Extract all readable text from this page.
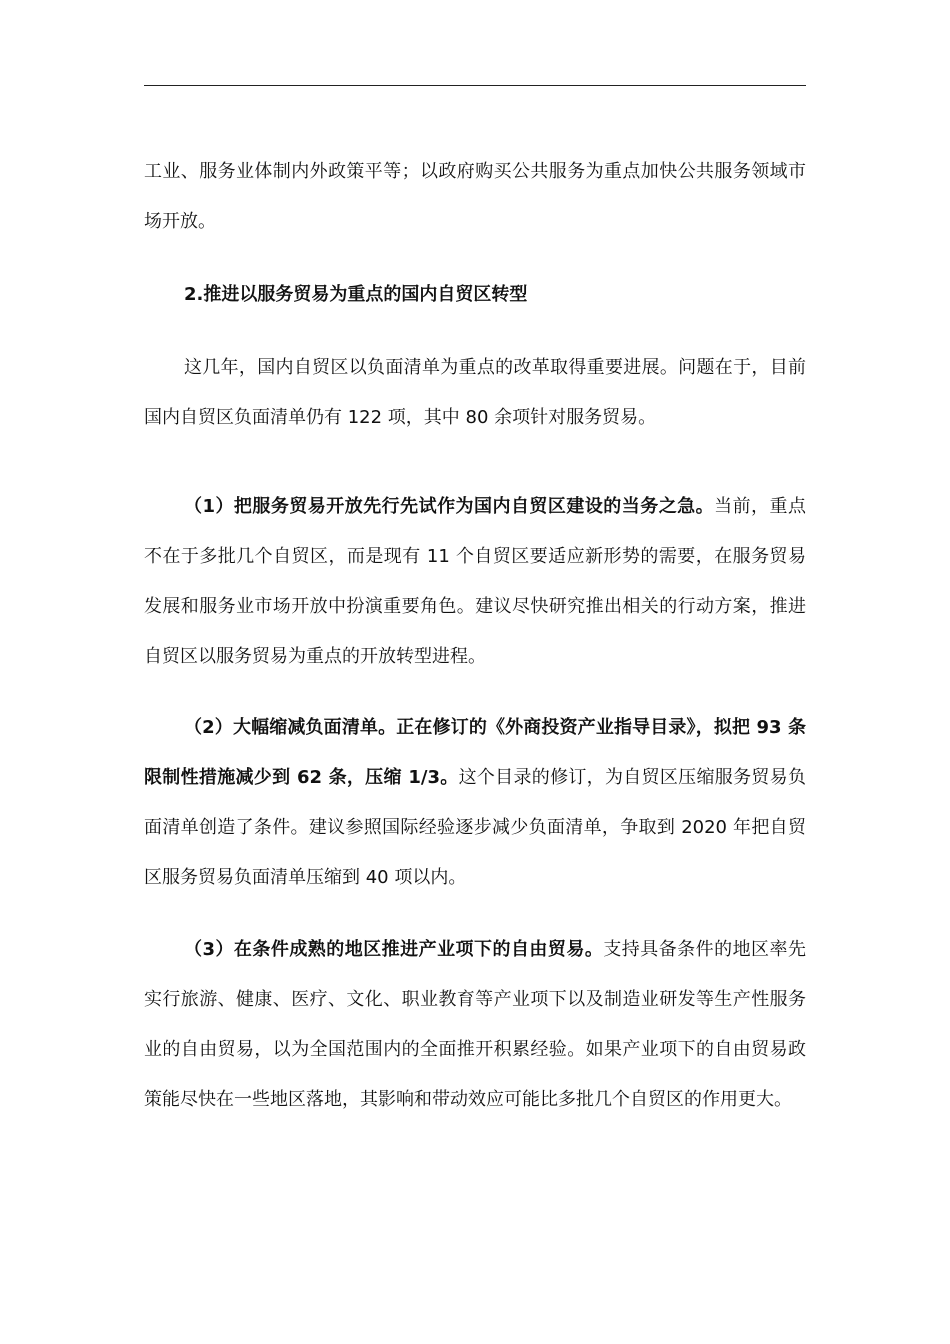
工业、服务业体制内外政策平等；以政府购买公共服务为重点加快公共服务领域市场开放。

2.推进以服务贸易为重点的国内自贸区转型

这几年，国内自贸区以负面清单为重点的改革取得重要进展。问题在于，目前国内自贸区负面清单仍有 122 项，其中 80 余项针对服务贸易。

（1）把服务贸易开放先行先试作为国内自贸区建设的当务之急。当前，重点不在于多批几个自贸区，而是现有 11 个自贸区要适应新形势的需要，在服务贸易发展和服务业市场开放中扮演重要角色。建议尽快研究推出相关的行动方案，推进自贸区以服务贸易为重点的开放转型进程。

（2）大幅缩减负面清单。正在修订的《外商投资产业指导目录》，拟把 93 条限制性措施减少到 62 条，压缩 1/3。这个目录的修订，为自贸区压缩服务贸易负面清单创造了条件。建议参照国际经验逐步减少负面清单，争取到 2020 年把自贸区服务贸易负面清单压缩到 40 项以内。

（3）在条件成熟的地区推进产业项下的自由贸易。支持具备条件的地区率先实行旅游、健康、医疗、文化、职业教育等产业项下以及制造业研发等生产性服务业的自由贸易，以为全国范围内的全面推开积累经验。如果产业项下的自由贸易政策能尽快在一些地区落地，其影响和带动效应可能比多批几个自贸区的作用更大。
